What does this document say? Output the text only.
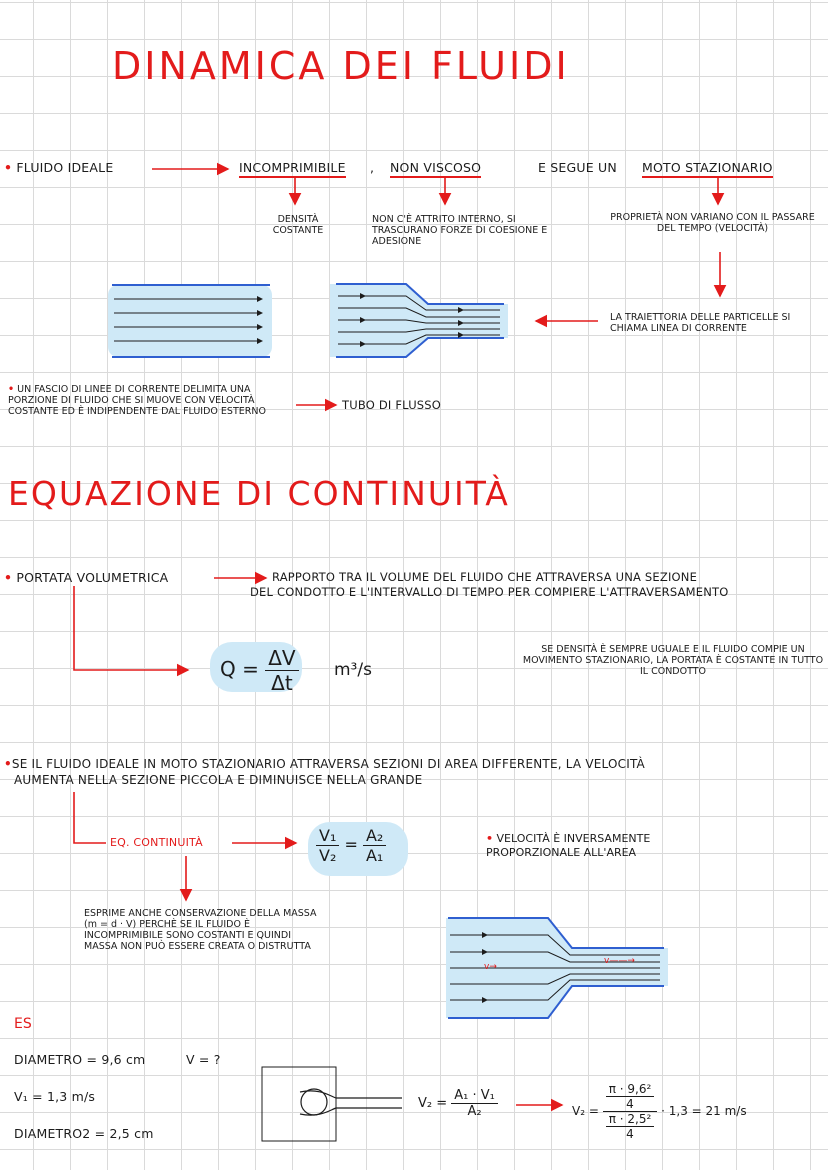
DINAMICA DEI FLUIDI
• FLUIDO IDEALE	INCOMPRIMIBILE , NON VISCOSO	E SEGUE UN MOTO STAZIONARIO
DENSITÀ COSTANTE
NON C'È ATTRITO INTERNO, SI TRASCURANO FORZE DI COESIONE E ADESIONE
PROPRIETÀ NON VARIANO CON IL PASSARE DEL TEMPO (VELOCITÀ)
LA TRAIETTORIA DELLE PARTICELLE SI CHIAMA LINEA DI CORRENTE
• UN FASCIO DI LINEE DI CORRENTE DELIMITA UNA PORZIONE DI FLUIDO CHE SI MUOVE CON VELOCITÀ COSTANTE ED È INDIPENDENTE DAL FLUIDO ESTERNO	TUBO DI FLUSSO
EQUAZIONE DI CONTINUITÀ
• PORTATA VOLUMETRICA	RAPPORTO TRA IL VOLUME DEL FLUIDO CHE ATTRAVERSA UNA SEZIONE
DEL CONDOTTO E L'INTERVALLO DI TEMPO PER COMPIERE L'ATTRAVERSAMENTO
$Q = \frac{\Delta V}{\Delta t} m^3/s$
SE DENSITÀ È SEMPRE UGUALE E IL FLUIDO COMPIE UN MOVIMENTO STAZIONARIO, LA PORTATA È COSTANTE IN TUTTO IL CONDOTTO
•SE IL FLUIDO IDEALE IN MOTO STAZIONARIO ATTRAVERSA SEZIONI DI AREA DIFFERENTE, LA VELOCITÀ
AUMENTA NELLA SEZIONE PICCOLA E DIMINUISCE NELLA GRANDE
EQ. CONTINUITÀ	$\frac{\text{V₁}}{\text{V₂}} = \frac{\text{A₂}}{\text{A₁}}$	• VELOCITÀ È INVERSAMENTE PROPORZIONALE ALL'AREA
ESPRIME ANCHE CONSERVAZIONE DELLA MASSA (m = d · V) PERCHÈ SE IL FLUIDO È INCOMPRIMIBILE SONO COSTANTI E QUINDI MASSA NON PUÒ ESSERE CREATA O DISTRUTTA
ES
DIAMETRO = 9,6 cm	V = ?
V₁ = 1,3 m/s
DIAMETRO2 = 2,5 cm
$V_2 = \frac{\text{A₁ · V₁}}{\text{A₂}}$	V₂ = π · 9,6²
4
π · 2,5²
4 · 1,3 = 21 m/s
v→
v——→
